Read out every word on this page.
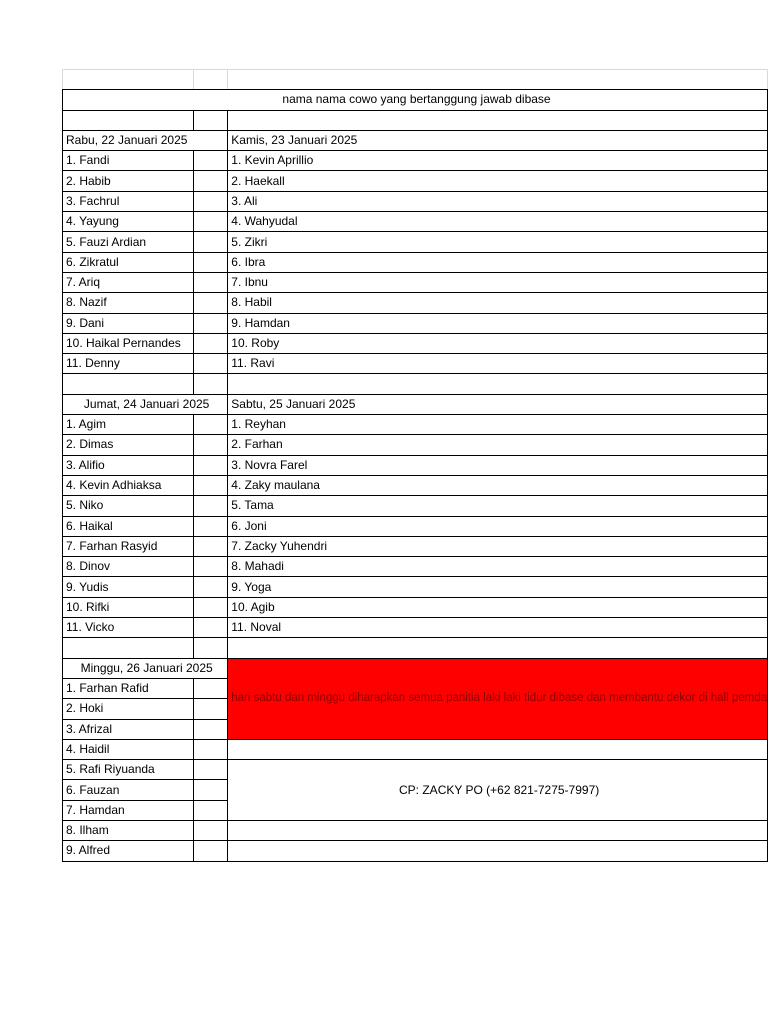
nama nama cowo yang bertanggung jawab dibase		

Rabu, 22 Januari 2025		Kamis, 23 Januari 2025
1. Fandi		1. Kevin Aprillio
2. Habib		2. Haekall
3. Fachrul		3. Ali
4. Yayung		4. Wahyudal
5. Fauzi Ardian		5. Zikri
6. Zikratul		6. Ibra
7. Ariq		7. Ibnu
8. Nazif		8. Habil
9. Dani		9. Hamdan
10. Haikal Pernandes		10. Roby
11. Denny		11. Ravi

Jumat, 24 Januari 2025		Sabtu, 25 Januari 2025
1. Agim		1. Reyhan
2. Dimas		2. Farhan
3. Alifio		3. Novra Farel
4. Kevin Adhiaksa		4. Zaky maulana
5. Niko		5. Tama
6. Haikal		6. Joni
7. Farhan Rasyid		7. Zacky Yuhendri
8. Dinov		8. Mahadi
9. Yudis		9. Yoga
10. Rifki		10. Agib
11. Vicko		11. Noval

Minggu, 26 Januari 2025		hari sabtu dan minggu diharapkan semua panitia laki laki tidur dibase dan membantu dekor di hall pemda
1. Farhan Rafid		
2. Hoki		
3. Afrizal		
4. Haidil		
5. Rafi Riyuanda		CP: ZACKY PO (+62 821-7275-7997)
6. Fauzan		
7. Hamdan		
8. Ilham		
9. Alfred		
